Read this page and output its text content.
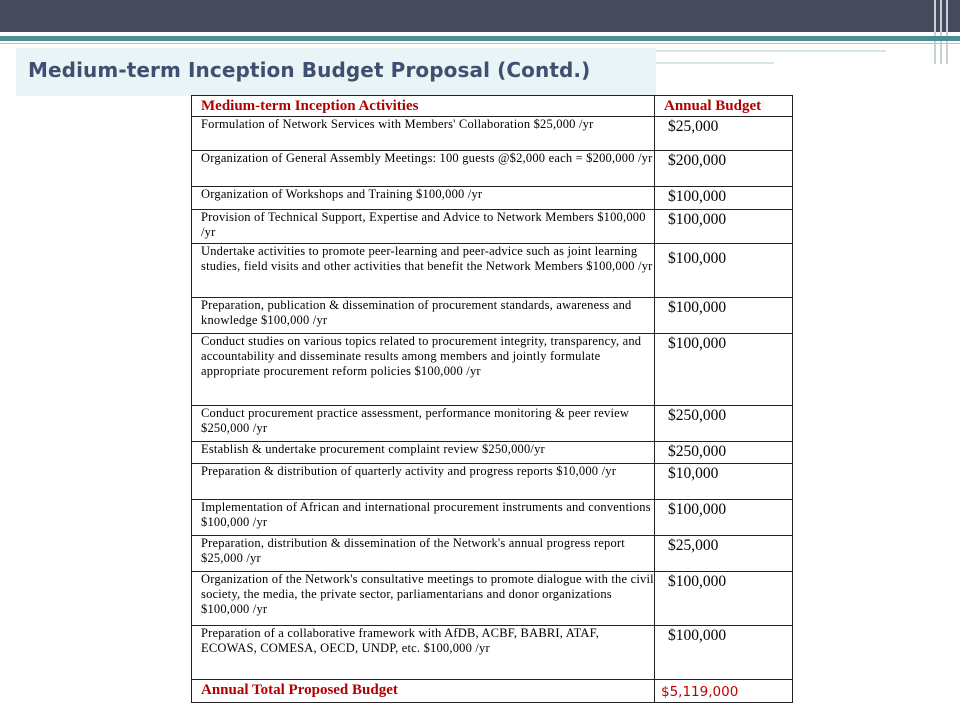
Medium-term Inception Budget Proposal (Contd.)
Medium-term Inception Activities	Annual Budget
Formulation of Network Services with Members' Collaboration $25,000 /yr	$25,000
Organization of General Assembly Meetings: 100 guests @$2,000 each = $200,000 /yr	$200,000
Organization of Workshops and Training $100,000 /yr	$100,000
Provision of Technical Support, Expertise and Advice to Network Members $100,000 /yr	$100,000
Undertake activities to promote peer-learning and peer-advice such as joint learning studies, field visits and other activities that benefit the Network Members $100,000 /yr	$100,000
Preparation, publication & dissemination of procurement standards, awareness and knowledge $100,000 /yr	$100,000
Conduct studies on various topics related to procurement integrity, transparency, and accountability and disseminate results among members and jointly formulate appropriate procurement reform policies $100,000 /yr	$100,000
Conduct procurement practice assessment, performance monitoring & peer review $250,000 /yr	$250,000
Establish & undertake procurement complaint review $250,000/yr	$250,000
Preparation & distribution of quarterly activity and progress reports $10,000 /yr	$10,000
Implementation of African and international procurement instruments and conventions $100,000 /yr	$100,000
Preparation, distribution & dissemination of the Network's annual progress report $25,000 /yr	$25,000
Organization of the Network's consultative meetings to promote dialogue with the civil society, the media, the private sector, parliamentarians and donor organizations $100,000 /yr	$100,000
Preparation of a collaborative framework with AfDB, ACBF, BABRI, ATAF, ECOWAS, COMESA, OECD, UNDP, etc. $100,000 /yr	$100,000
Annual Total Proposed Budget	$5,119,000
